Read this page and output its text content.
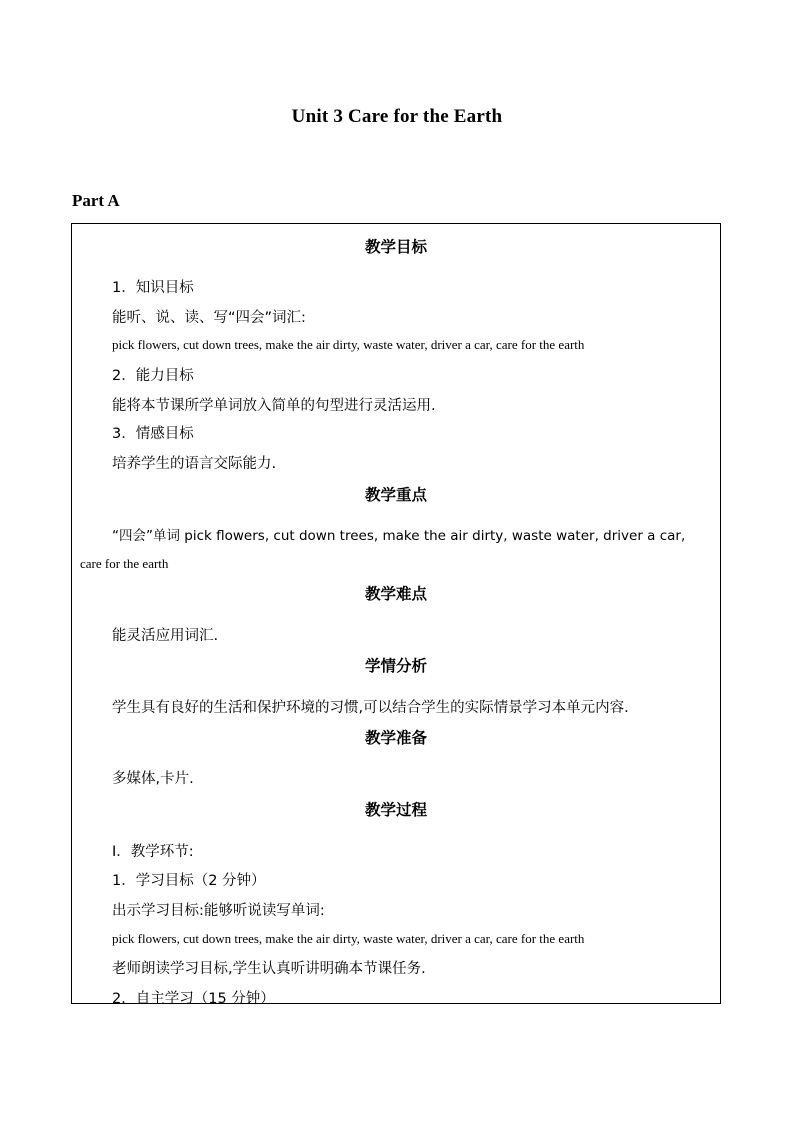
Unit 3 Care for the Earth
Part A
教学目标
1．知识目标
能听、说、读、写“四会”词汇:
pick flowers, cut down trees, make the air dirty, waste water, driver a car, care for the earth
2．能力目标
能将本节课所学单词放入简单的句型进行灵活运用.
3．情感目标
培养学生的语言交际能力.
教学重点
“四会”单词 pick flowers, cut down trees, make the air dirty, waste water, driver a car,
care for the earth
教学难点
能灵活应用词汇.
学情分析
学生具有良好的生活和保护环境的习惯,可以结合学生的实际情景学习本单元内容.
教学准备
多媒体,卡片.
教学过程
Ⅰ．教学环节:
1．学习目标（2 分钟）
出示学习目标:能够听说读写单词:
pick flowers, cut down trees, make the air dirty, waste water, driver a car, care for the earth
老师朗读学习目标,学生认真听讲明确本节课任务.
2．自主学习（15 分钟）
